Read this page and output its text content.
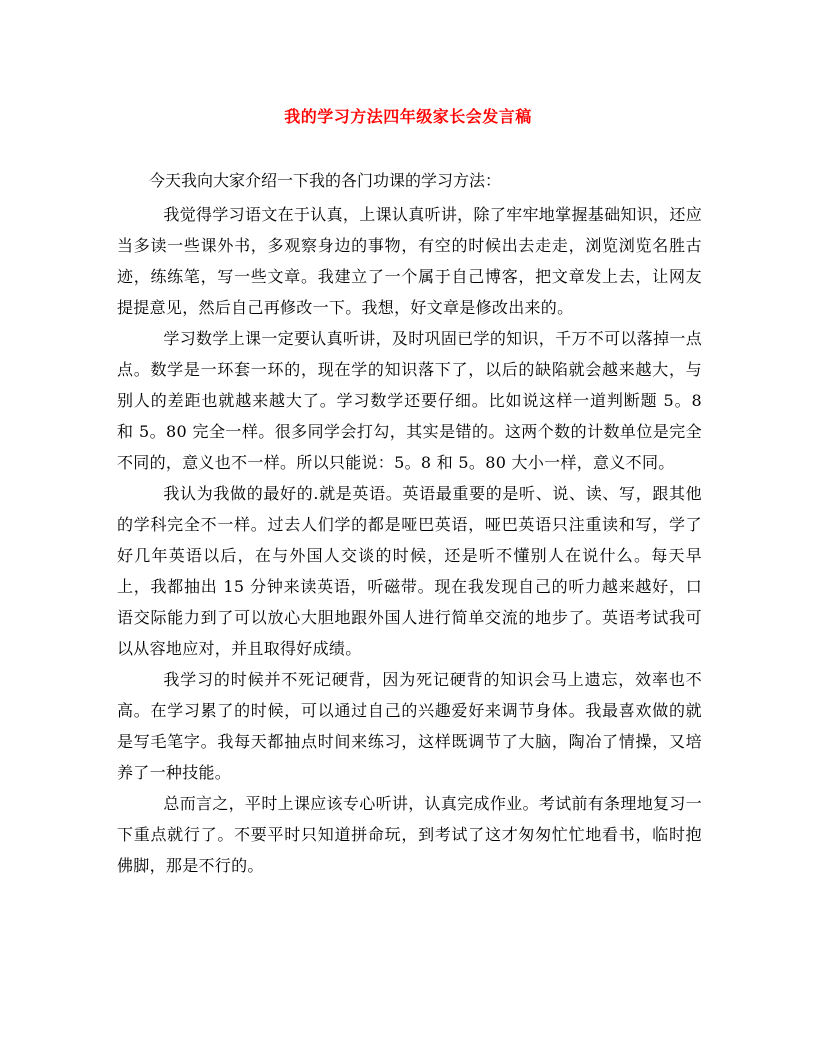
我的学习方法四年级家长会发言稿
今天我向大家介绍一下我的各门功课的学习方法：

我觉得学习语文在于认真，上课认真听讲，除了牢牢地掌握基础知识，还应当多读一些课外书，多观察身边的事物，有空的时候出去走走，浏览浏览名胜古迹，练练笔，写一些文章。我建立了一个属于自己博客，把文章发上去，让网友提提意见，然后自己再修改一下。我想，好文章是修改出来的。

学习数学上课一定要认真听讲，及时巩固已学的知识，千万不可以落掉一点点。数学是一环套一环的，现在学的知识落下了，以后的缺陷就会越来越大，与别人的差距也就越来越大了。学习数学还要仔细。比如说这样一道判断题 5。8 和 5。80 完全一样。很多同学会打勾，其实是错的。这两个数的计数单位是完全不同的，意义也不一样。所以只能说：5。8 和 5。80 大小一样，意义不同。

我认为我做的最好的.就是英语。英语最重要的是听、说、读、写，跟其他的学科完全不一样。过去人们学的都是哑巴英语，哑巴英语只注重读和写，学了好几年英语以后，在与外国人交谈的时候，还是听不懂别人在说什么。每天早上，我都抽出 15 分钟来读英语，听磁带。现在我发现自己的听力越来越好，口语交际能力到了可以放心大胆地跟外国人进行简单交流的地步了。英语考试我可以从容地应对，并且取得好成绩。

我学习的时候并不死记硬背，因为死记硬背的知识会马上遗忘，效率也不高。在学习累了的时候，可以通过自己的兴趣爱好来调节身体。我最喜欢做的就是写毛笔字。我每天都抽点时间来练习，这样既调节了大脑，陶冶了情操，又培养了一种技能。

总而言之，平时上课应该专心听讲，认真完成作业。考试前有条理地复习一下重点就行了。不要平时只知道拼命玩，到考试了这才匆匆忙忙地看书，临时抱佛脚，那是不行的。
